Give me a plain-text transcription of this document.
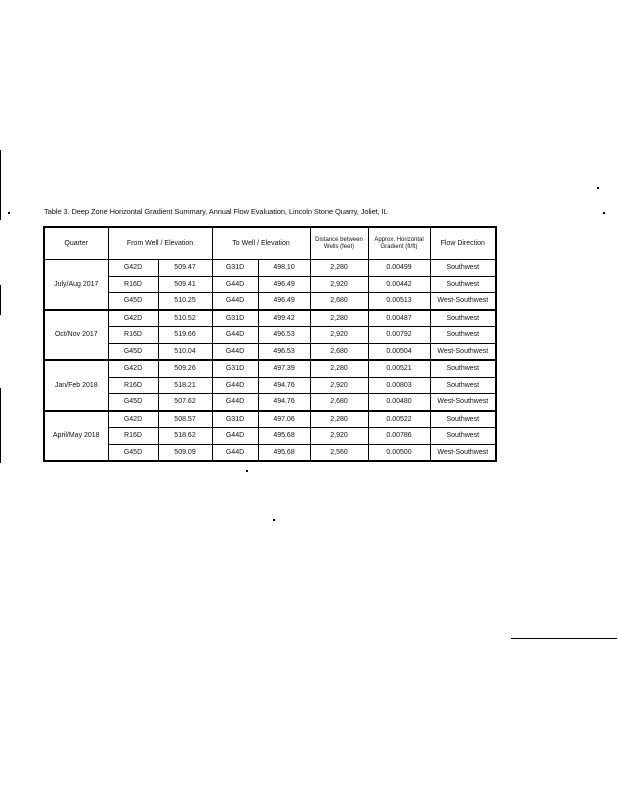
Table 3. Deep Zone Horizontal Gradient Summary, Annual Flow Evaluation, Lincoln Stone Quarry, Joliet, IL
Quarter	From Well / Elevation		To Well / Elevation		Distance between Wells (feet)	Approx. Horizontal Gradient (ft/ft)	Flow Direction
July/Aug 2017	G42D	509.47	G31D	498.10	2,280	0.00499	Southwest
	R16D	509.41	G44D	496.49	2,920	0.00442	Southwest
	G45D	510.25	G44D	496.49	2,680	0.00513	West-Southwest
Oct/Nov 2017	G42D	510.52	G31D	499.42	2,280	0.00487	Southwest
	R16D	519.66	G44D	496.53	2,920	0.00792	Southwest
	G45D	510.04	G44D	496.53	2,680	0.00504	West-Southwest
Jan/Feb 2018	G42D	509.26	G31D	497.39	2,280	0.00521	Southwest
	R16D	518.21	G44D	494.76	2,920	0.00803	Southwest
	G45D	507.62	G44D	494.76	2,680	0.00480	West-Southwest
April/May 2018	G42D	508.57	G31D	497.06	2,280	0.00522	Southwest
	R16D	518.62	G44D	495.68	2,920	0.00786	Southwest
	G45D	509.09	G44D	495.68	2,560	0.00500	West-Southwest
